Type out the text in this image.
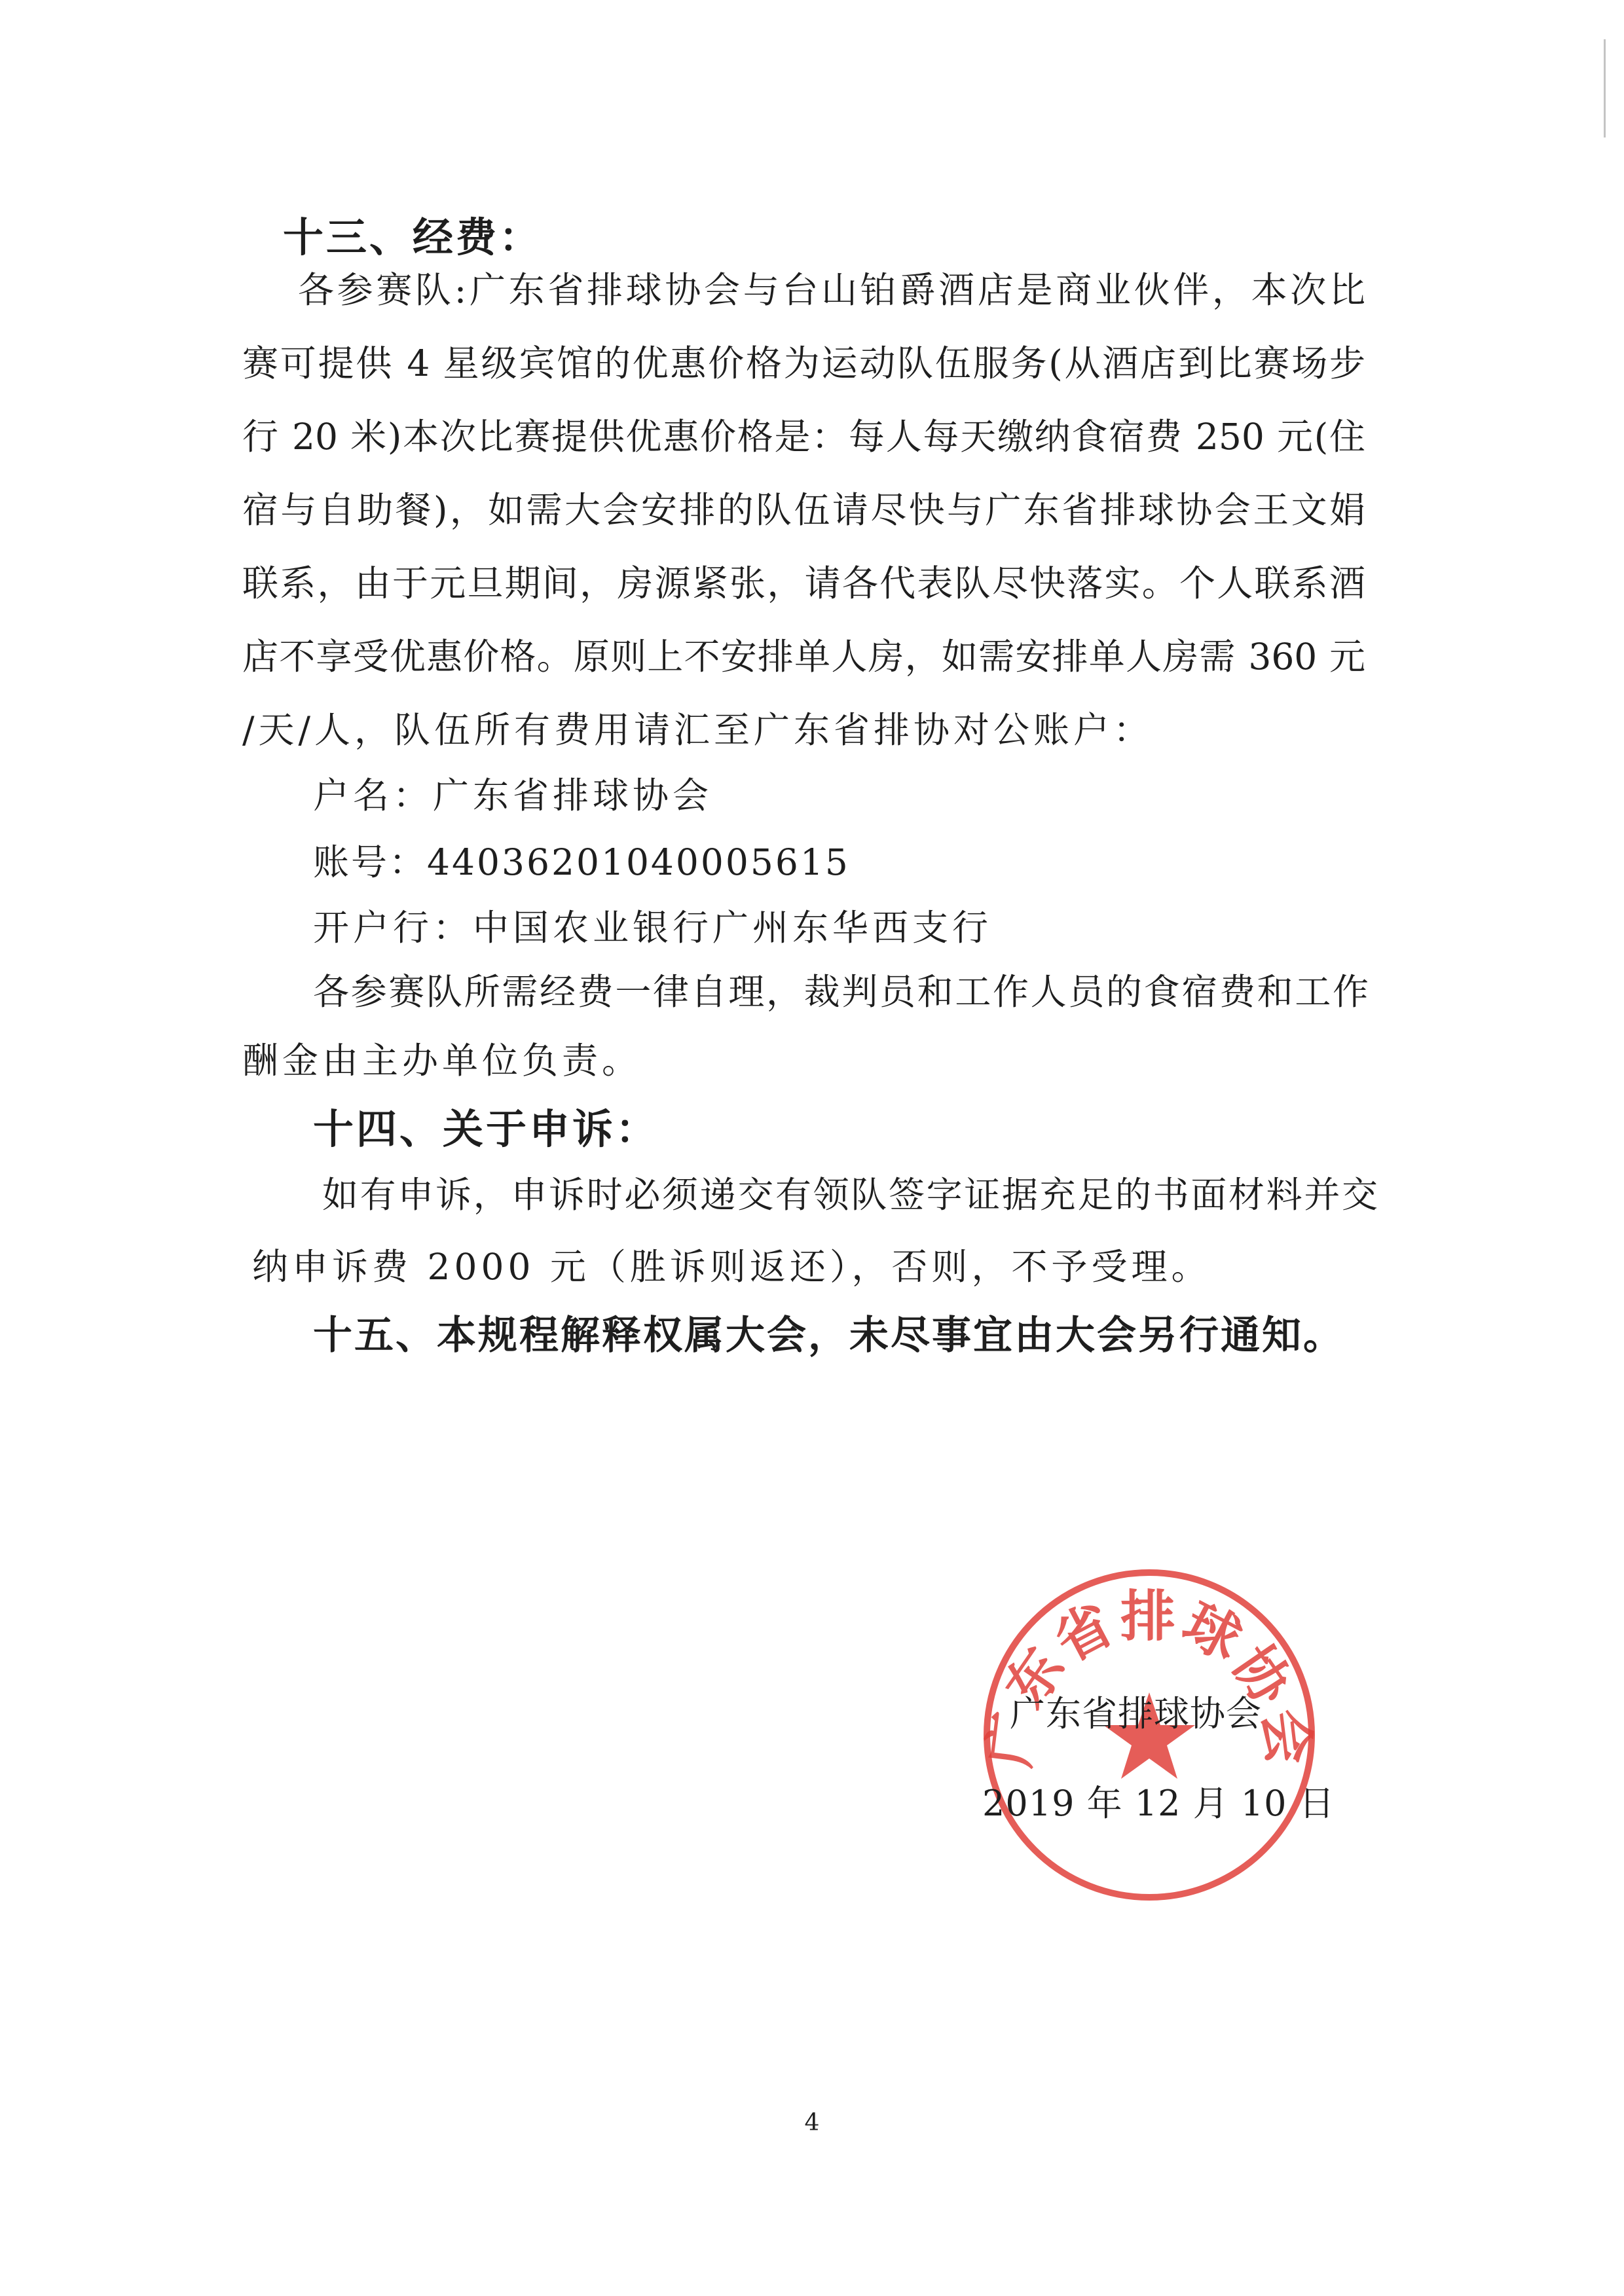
十三、经费：
各参赛队:广东省排球协会与台山铂爵酒店是商业伙伴，本次比
赛可提供 4 星级宾馆的优惠价格为运动队伍服务(从酒店到比赛场步
行 20 米)本次比赛提供优惠价格是：每人每天缴纳食宿费 250 元(住
宿与自助餐)，如需大会安排的队伍请尽快与广东省排球协会王文娟
联系，由于元旦期间，房源紧张，请各代表队尽快落实。个人联系酒
店不享受优惠价格。原则上不安排单人房，如需安排单人房需 360 元
/天/人，队伍所有费用请汇至广东省排协对公账户：
户名：广东省排球协会
账号：44036201040005615
开户行：中国农业银行广州东华西支行
各参赛队所需经费一律自理，裁判员和工作人员的食宿费和工作
酬金由主办单位负责。
十四、关于申诉：
如有申诉，申诉时必须递交有领队签字证据充足的书面材料并交
纳申诉费 2000 元（胜诉则返还），否则，不予受理。
十五、本规程解释权属大会，未尽事宜由大会另行通知。
广东省排球协会
广东省排球协会
2019 年 12 月 10 日
4
